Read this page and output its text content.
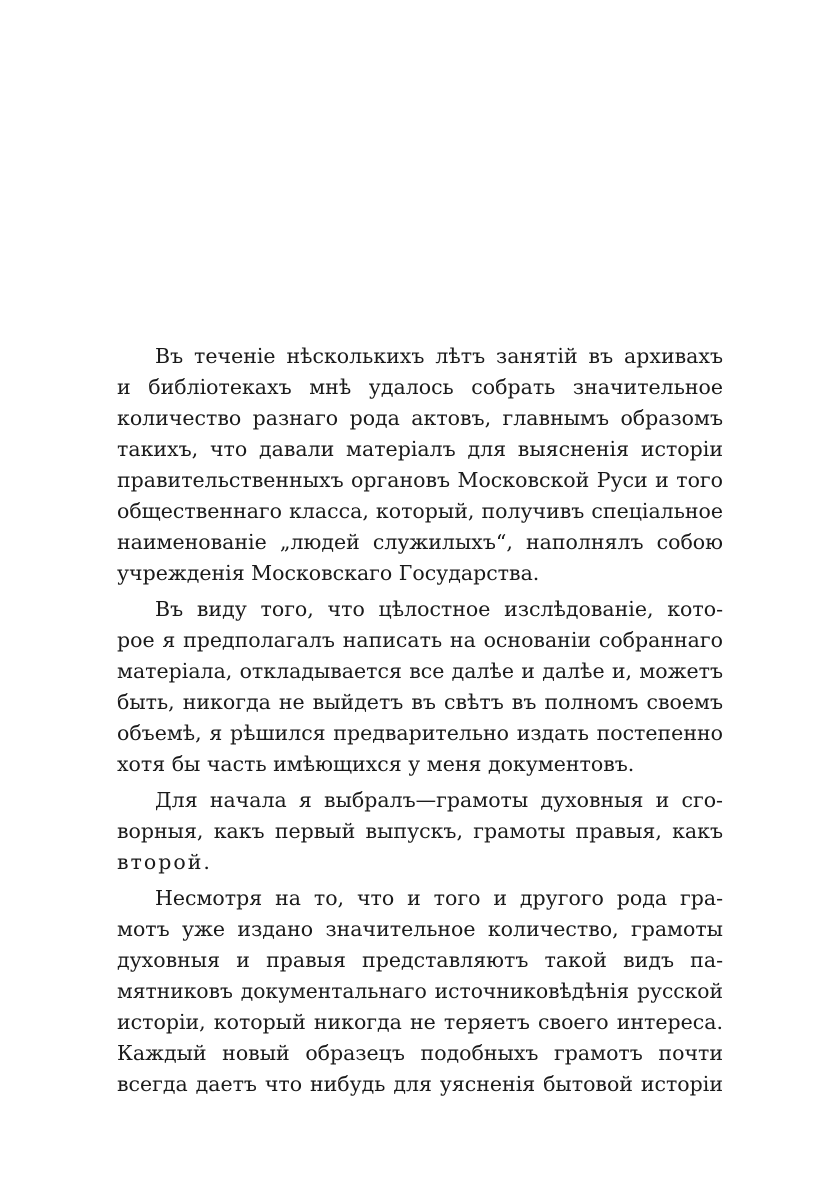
Въ теченіе нѣсколькихъ лѣтъ занятій въ архивахъ
и библіотекахъ мнѣ удалось собрать значительное
количество разнаго рода актовъ, главнымъ образомъ
такихъ, что давали матеріалъ для выясненія исторіи
правительственныхъ органовъ Московской Руси и того
общественнаго класса, который, получивъ спеціальное
наименованіе „людей служилыхъ“, наполнялъ собою
учрежденія Московскаго Государства.
Въ виду того, что цѣлостное изслѣдованіе, кото-
рое я предполагалъ написать на основаніи собраннаго
матеріала, откладывается все далѣе и далѣе и, можетъ
быть, никогда не выйдетъ въ свѣтъ въ полномъ своемъ
объемѣ, я рѣшился предварительно издать постепенно
хотя бы часть имѣющихся у меня документовъ.
Для начала я выбралъ—грамоты духовныя и сго-
ворныя, какъ первый выпускъ, грамоты правыя, какъ
второй.
Несмотря на то, что и того и другого рода гра-
мотъ уже издано значительное количество, грамоты
духовныя и правыя представляютъ такой видъ па-
мятниковъ документальнаго источниковѣдѣнія русской
исторіи, который никогда не теряетъ своего интереса.
Каждый новый образецъ подобныхъ грамотъ почти
всегда даетъ что нибудь для уясненія бытовой исторіи
